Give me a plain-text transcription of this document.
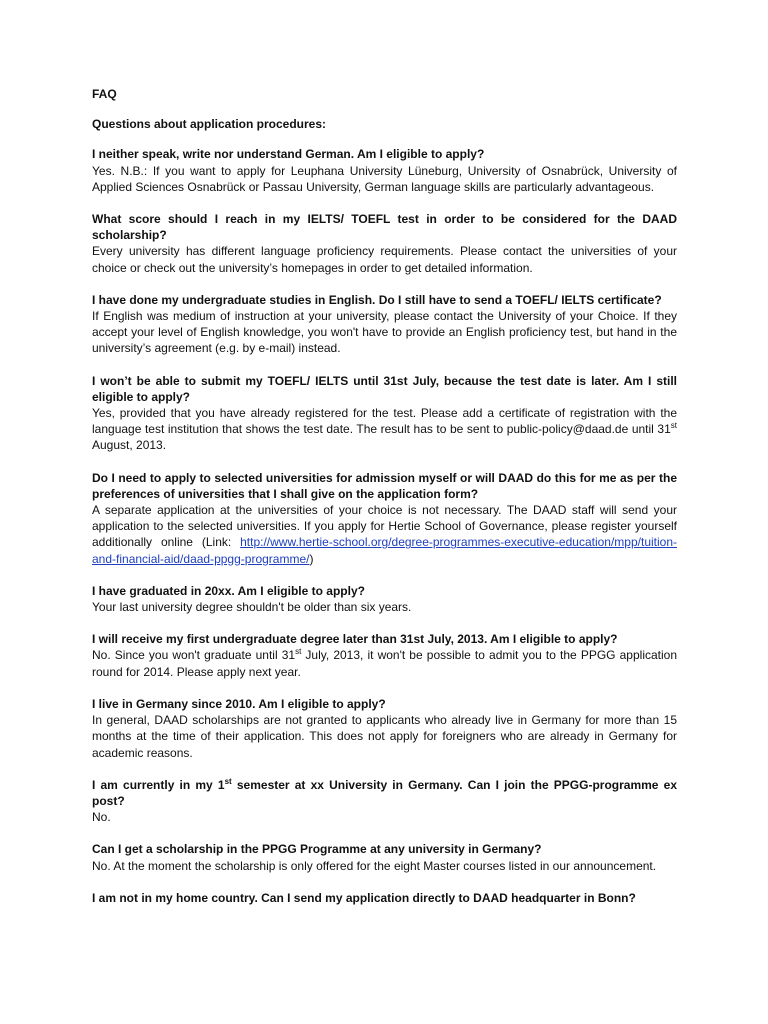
FAQ

Questions about application procedures:

I neither speak, write nor understand German. Am I eligible to apply?

Yes. N.B.: If you want to apply for Leuphana University Lüneburg, University of Osnabrück, University of Applied Sciences Osnabrück or Passau University, German language skills are particularly advantageous.

What score should I reach in my IELTS/ TOEFL test in order to be considered for the DAAD scholarship?

Every university has different language proficiency requirements. Please contact the universities of your choice or check out the university’s homepages in order to get detailed information.

I have done my undergraduate studies in English. Do I still have to send a TOEFL/ IELTS certificate?

If English was medium of instruction at your university, please contact the University of your Choice. If they accept your level of English knowledge, you won't have to provide an English proficiency test, but hand in the university’s agreement (e.g. by e-mail) instead.

I won’t be able to submit my TOEFL/ IELTS until 31st July, because the test date is later. Am I still eligible to apply?

Yes, provided that you have already registered for the test. Please add a certificate of registration with the language test institution that shows the test date. The result has to be sent to public-policy@daad.de until 31st August, 2013.

Do I need to apply to selected universities for admission myself or will DAAD do this for me as per the preferences of universities that I shall give on the application form?

A separate application at the universities of your choice is not necessary. The DAAD staff will send your application to the selected universities. If you apply for Hertie School of Governance, please register yourself additionally online (Link: http://www.hertie-school.org/degree-programmes-executive-education/mpp/tuition-and-financial-aid/daad-ppgg-programme/)

I have graduated in 20xx. Am I eligible to apply?

Your last university degree shouldn't be older than six years.

I will receive my first undergraduate degree later than 31st July, 2013. Am I eligible to apply?

No. Since you won't graduate until 31st July, 2013, it won't be possible to admit you to the PPGG application round for 2014. Please apply next year.

I live in Germany since 2010. Am I eligible to apply?

In general, DAAD scholarships are not granted to applicants who already live in Germany for more than 15 months at the time of their application. This does not apply for foreigners who are already in Germany for academic reasons.

I am currently in my 1st semester at xx University in Germany. Can I join the PPGG-programme ex post?

No.

Can I get a scholarship in the PPGG Programme at any university in Germany?

No. At the moment the scholarship is only offered for the eight Master courses listed in our announcement.

I am not in my home country. Can I send my application directly to DAAD headquarter in Bonn?
